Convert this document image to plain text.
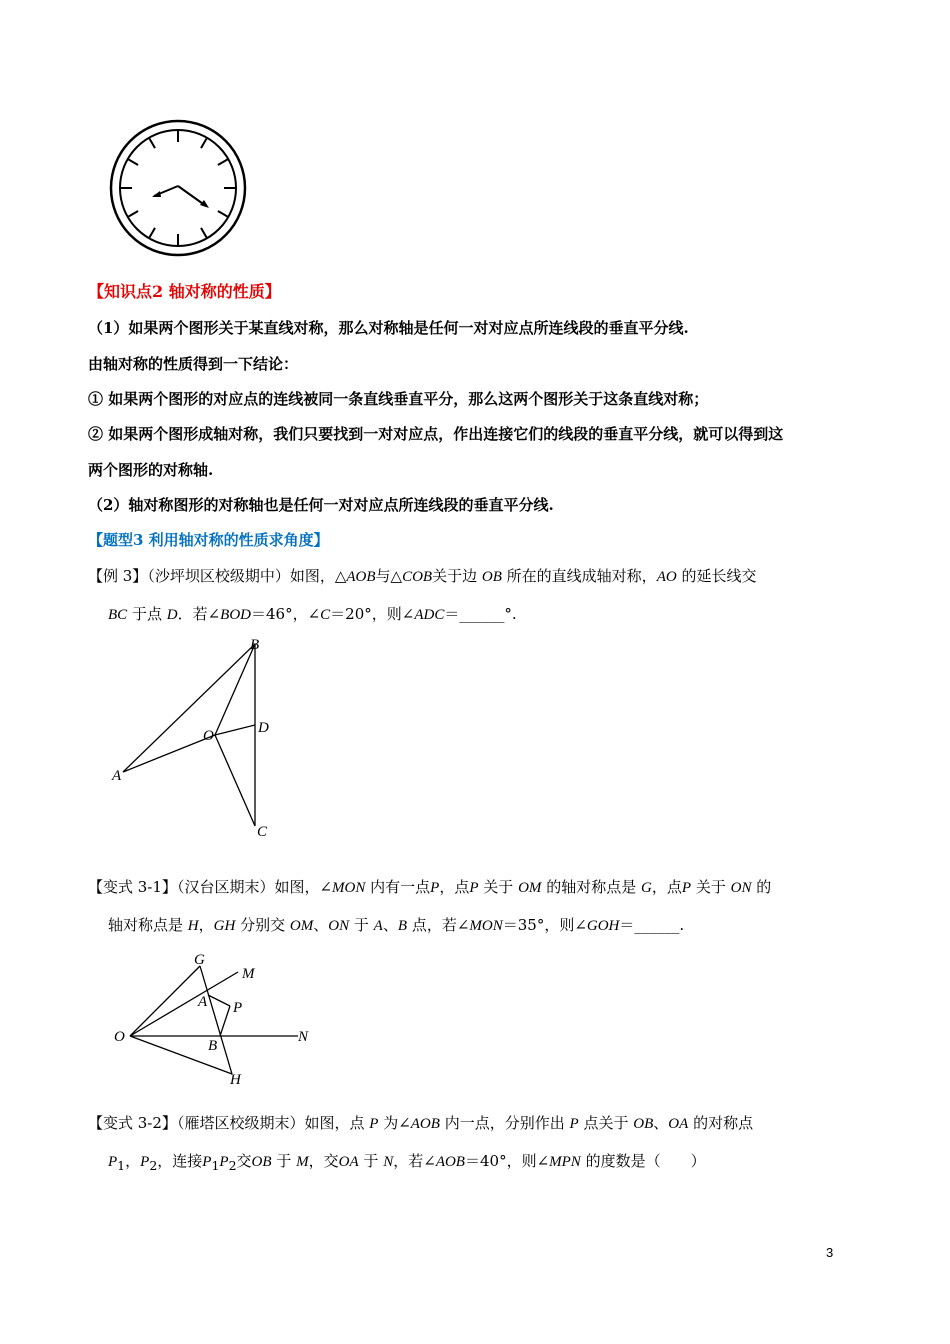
【知识点2 轴对称的性质】
（1）如果两个图形关于某直线对称，那么对称轴是任何一对对应点所连线段的垂直平分线.
由轴对称的性质得到一下结论：
① 如果两个图形的对应点的连线被同一条直线垂直平分，那么这两个图形关于这条直线对称；
② 如果两个图形成轴对称，我们只要找到一对对应点，作出连接它们的线段的垂直平分线，就可以得到这
两个图形的对称轴.
（2）轴对称图形的对称轴也是任何一对对应点所连线段的垂直平分线.
【题型3 利用轴对称的性质求角度】
【例 3】（沙坪坝区校级期中）如图，△AOB与△COB关于边 OB 所在的直线成轴对称，AO 的延长线交
BC 于点 D．若∠BOD＝46°，∠C＝20°，则∠ADC＝______°.
B
O	D
A
C
【变式 3-1】（汉台区期末）如图，∠MON 内有一点P，点P 关于 OM 的轴对称点是 G，点P 关于 ON 的
轴对称点是 H，GH 分别交 OM、ON 于 A、B 点，若∠MON＝35°，则∠GOH＝______.
G
M
A P
O	N
B
H
【变式 3-2】（雁塔区校级期末）如图，点 P 为∠AOB 内一点，分别作出 P 点关于 OB、OA 的对称点
$P_1$，$P_2$，连接$P_1P_2$交OB 于 M，交OA 于 N，若∠AOB＝40°，则∠MPN 的度数是（　　）
3
